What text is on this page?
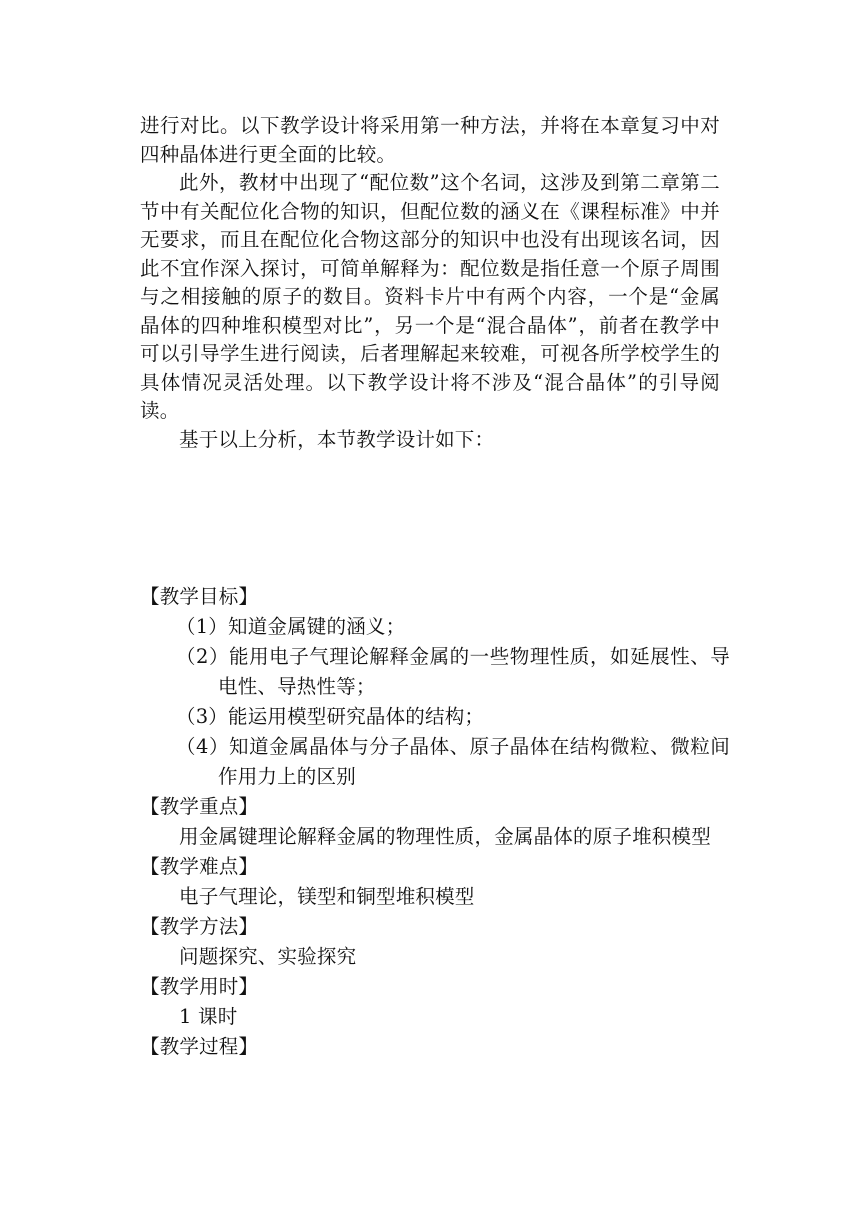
进行对比。以下教学设计将采用第一种方法，并将在本章复习中对四种晶体进行更全面的比较。

此外，教材中出现了“配位数”这个名词，这涉及到第二章第二节中有关配位化合物的知识，但配位数的涵义在《课程标准》中并无要求，而且在配位化合物这部分的知识中也没有出现该名词，因此不宜作深入探讨，可简单解释为：配位数是指任意一个原子周围与之相接触的原子的数目。资料卡片中有两个内容，一个是“金属晶体的四种堆积模型对比”，另一个是“混合晶体”，前者在教学中可以引导学生进行阅读，后者理解起来较难，可视各所学校学生的具体情况灵活处理。以下教学设计将不涉及“混合晶体”的引导阅读。

基于以上分析，本节教学设计如下：

【教学目标】

（1）知道金属键的涵义；

（2）能用电子气理论解释金属的一些物理性质，如延展性、导电性、导热性等；

（3）能运用模型研究晶体的结构；

（4）知道金属晶体与分子晶体、原子晶体在结构微粒、微粒间作用力上的区别

【教学重点】

用金属键理论解释金属的物理性质，金属晶体的原子堆积模型

【教学难点】

电子气理论，镁型和铜型堆积模型

【教学方法】

问题探究、实验探究

【教学用时】

1 课时

【教学过程】
